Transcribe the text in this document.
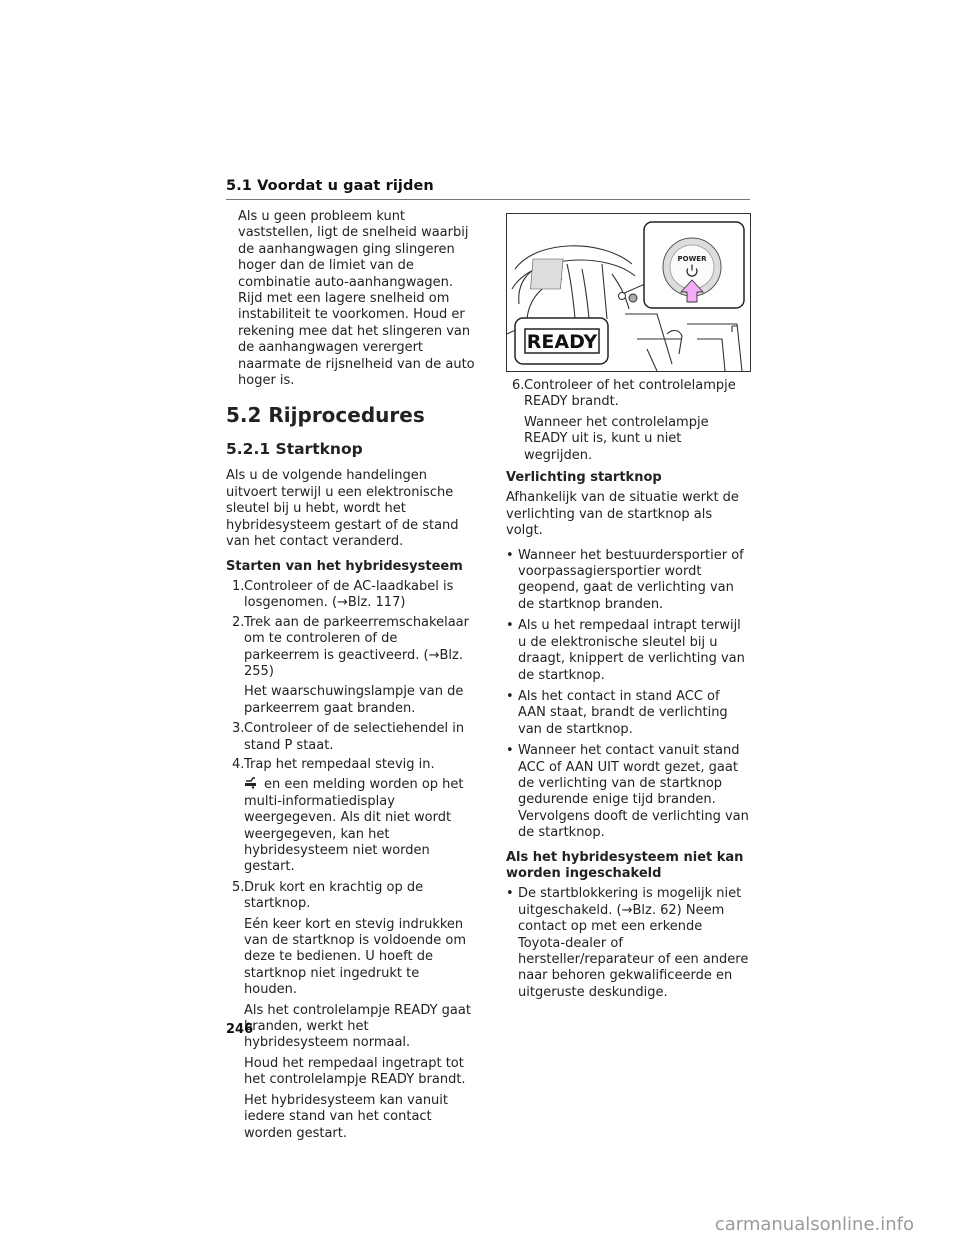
5.1 Voordat u gaat rijden

Als u geen probleem kunt vaststellen, ligt de snelheid waarbij de aanhangwagen ging slingeren hoger dan de limiet van de combinatie auto-aanhangwagen. Rijd met een lagere snelheid om instabiliteit te voorkomen. Houd er rekening mee dat het slingeren van de aanhangwagen verergert naarmate de rijsnelheid van de auto hoger is.

5.2 Rijprocedures
5.2.1 Startknop

Als u de volgende handelingen uitvoert terwijl u een elektronische sleutel bij u hebt, wordt het hybridesysteem gestart of de stand van het contact veranderd.

Starten van het hybridesysteem

1. Controleer of de AC-laadkabel is losgenomen. (→Blz. 117)
2. Trek aan de parkeerremschakelaar om te controleren of de parkeerrem is geactiveerd. (→Blz. 255)

Het waarschuwingslampje van de parkeerrem gaat branden.

3. Controleer of de selectiehendel in stand P staat.
4. Trap het rempedaal stevig in.

en een melding worden op het multi-informatiedisplay weergegeven. Als dit niet wordt weergegeven, kan het hybridesysteem niet worden gestart.

5. Druk kort en krachtig op de startknop.

Eén keer kort en stevig indrukken van de startknop is voldoende om deze te bedienen. U hoeft de startknop niet ingedrukt te houden.

Als het controlelampje READY gaat branden, werkt het hybridesysteem normaal.

Houd het rempedaal ingetrapt tot het controlelampje READY brandt.

Het hybridesysteem kan vanuit iedere stand van het contact worden gestart.

POWER
READY
6. Controleer of het controlelampje READY brandt.

Wanneer het controlelampje READY uit is, kunt u niet wegrijden.

Verlichting startknop

Afhankelijk van de situatie werkt de verlichting van de startknop als volgt.

• Wanneer het bestuurdersportier of voorpassagiersportier wordt geopend, gaat de verlichting van de startknop branden.
• Als u het rempedaal intrapt terwijl u de elektronische sleutel bij u draagt, knippert de verlichting van de startknop.
• Als het contact in stand ACC of AAN staat, brandt de verlichting van de startknop.
• Wanneer het contact vanuit stand ACC of AAN UIT wordt gezet, gaat de verlichting van de startknop gedurende enige tijd branden. Vervolgens dooft de verlichting van de startknop.

Als het hybridesysteem niet kan worden ingeschakeld

• De startblokkering is mogelijk niet uitgeschakeld. (→Blz. 62) Neem contact op met een erkende Toyota-dealer of hersteller/reparateur of een andere naar behoren gekwalificeerde en uitgeruste deskundige.
246
carmanualsonline.info
